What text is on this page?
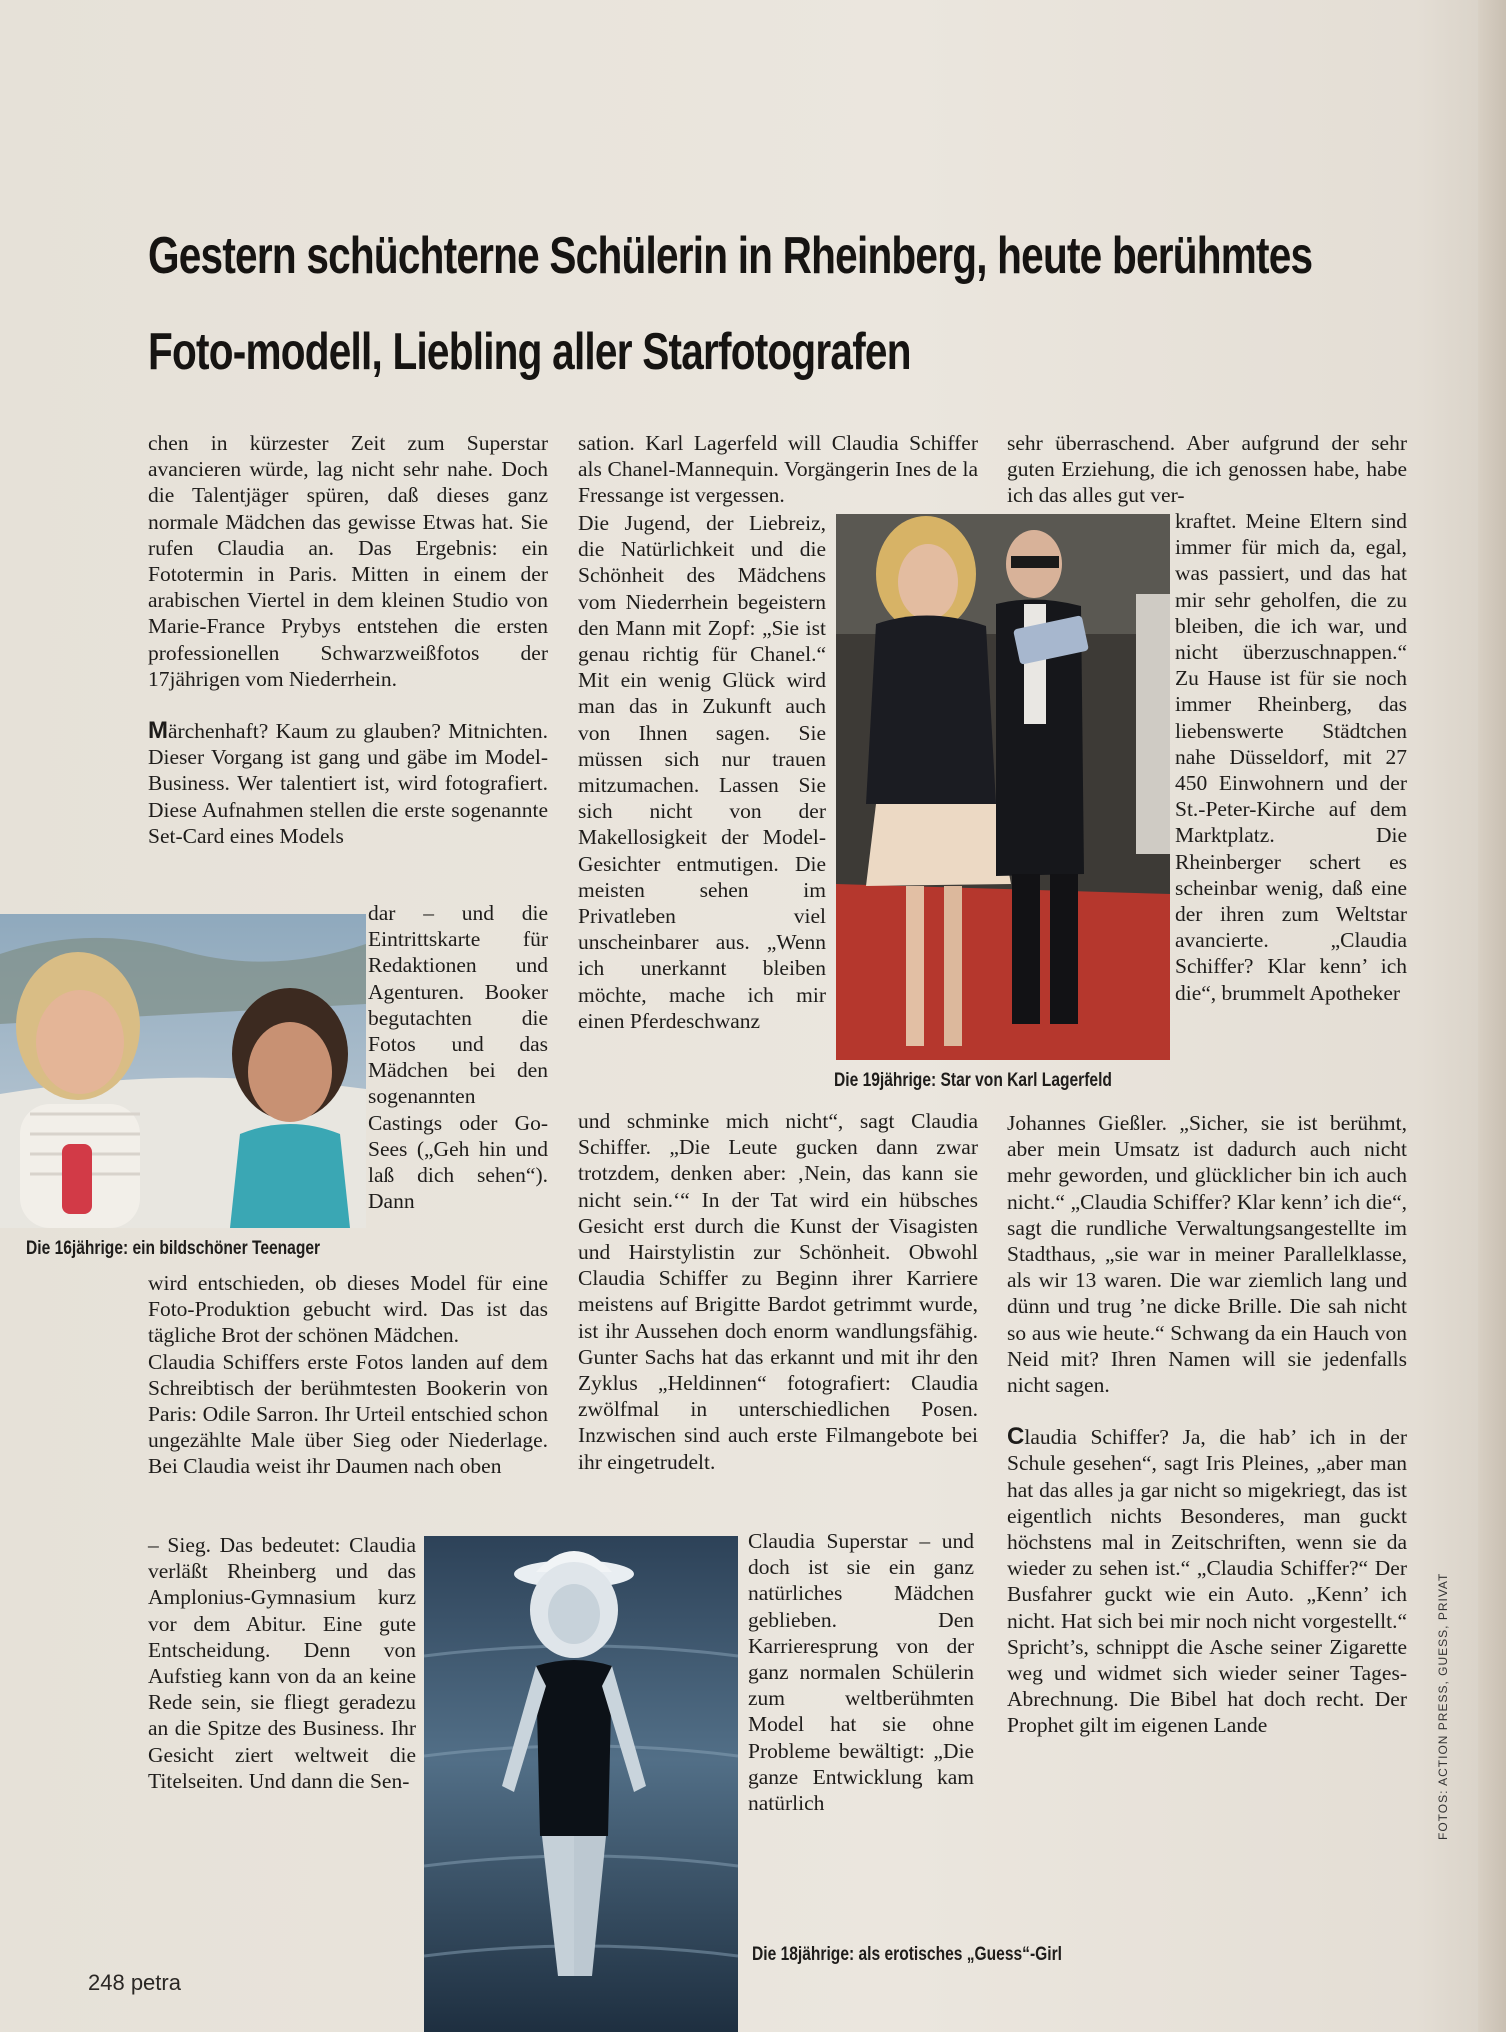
Gestern schüchterne Schülerin in Rheinberg, heute berühmtes Foto-modell, Liebling aller Starfotografen

chen in kürzester Zeit zum Superstar avancieren würde, lag nicht sehr nahe. Doch die Talentjäger spüren, daß dieses ganz normale Mädchen das gewisse Etwas hat. Sie rufen Claudia an. Das Ergebnis: ein Fototermin in Paris. Mitten in einem der arabischen Viertel in dem kleinen Studio von Marie-France Prybys entstehen die ersten professionellen Schwarzweißfotos der 17jährigen vom Niederrhein.

Märchenhaft? Kaum zu glauben? Mitnichten. Dieser Vorgang ist gang und gäbe im Model-Business. Wer talentiert ist, wird fotografiert. Diese Aufnahmen stellen die erste sogenannte Set-Card eines Models

dar – und die Eintrittskarte für Redaktionen und Agenturen. Booker begutachten die Fotos und das Mädchen bei den sogenannten Castings oder Go-Sees („Geh hin und laß dich sehen“). Dann

wird entschieden, ob dieses Model für eine Foto-Produktion gebucht wird. Das ist das tägliche Brot der schönen Mädchen.

Claudia Schiffers erste Fotos landen auf dem Schreibtisch der berühmtesten Bookerin von Paris: Odile Sarron. Ihr Urteil entschied schon ungezählte Male über Sieg oder Niederlage. Bei Claudia weist ihr Daumen nach oben

– Sieg. Das bedeutet: Claudia verläßt Rheinberg und das Amplonius-Gymnasium kurz vor dem Abitur. Eine gute Entscheidung. Denn von Aufstieg kann von da an keine Rede sein, sie fliegt geradezu an die Spitze des Business. Ihr Gesicht ziert weltweit die Titelseiten. Und dann die Sen-

sation. Karl Lagerfeld will Claudia Schiffer als Chanel-Mannequin. Vorgängerin Ines de la Fressange ist vergessen.

Die Jugend, der Liebreiz, die Natürlichkeit und die Schönheit des Mädchens vom Niederrhein begeistern den Mann mit Zopf: „Sie ist genau richtig für Chanel.“ Mit ein wenig Glück wird man das in Zukunft auch von Ihnen sagen. Sie müssen sich nur trauen mitzumachen. Lassen Sie sich nicht von der Makellosigkeit der Model-Gesichter entmutigen. Die meisten sehen im Privatleben viel unscheinbarer aus. „Wenn ich unerkannt bleiben möchte, mache ich mir einen Pferdeschwanz

und schminke mich nicht“, sagt Claudia Schiffer. „Die Leute gucken dann zwar trotzdem, denken aber: ‚Nein, das kann sie nicht sein.‘“ In der Tat wird ein hübsches Gesicht erst durch die Kunst der Visagisten und Hairstylistin zur Schönheit. Obwohl Claudia Schiffer zu Beginn ihrer Karriere meistens auf Brigitte Bardot getrimmt wurde, ist ihr Aussehen doch enorm wandlungsfähig. Gunter Sachs hat das erkannt und mit ihr den Zyklus „Heldinnen“ fotografiert: Claudia zwölfmal in unterschiedlichen Posen. Inzwischen sind auch erste Filmangebote bei ihr eingetrudelt.

Claudia Superstar – und doch ist sie ein ganz natürliches Mädchen geblieben. Den Karrieresprung von der ganz normalen Schülerin zum weltberühmten Model hat sie ohne Probleme bewältigt: „Die ganze Entwicklung kam natürlich

sehr überraschend. Aber aufgrund der sehr guten Erziehung, die ich genossen habe, habe ich das alles gut ver-

kraftet. Meine Eltern sind immer für mich da, egal, was passiert, und das hat mir sehr geholfen, die zu bleiben, die ich war, und nicht überzuschnappen.“ Zu Hause ist für sie noch immer Rheinberg, das liebenswerte Städtchen nahe Düsseldorf, mit 27 450 Einwohnern und der St.-Peter-Kirche auf dem Marktplatz. Die Rheinberger schert es scheinbar wenig, daß eine der ihren zum Weltstar avancierte. „Claudia Schiffer? Klar kenn’ ich die“, brummelt Apotheker

Johannes Gießler. „Sicher, sie ist berühmt, aber mein Umsatz ist dadurch auch nicht mehr geworden, und glücklicher bin ich auch nicht.“ „Claudia Schiffer? Klar kenn’ ich die“, sagt die rundliche Verwaltungsangestellte im Stadthaus, „sie war in meiner Parallelklasse, als wir 13 waren. Die war ziemlich lang und dünn und trug ’ne dicke Brille. Die sah nicht so aus wie heute.“ Schwang da ein Hauch von Neid mit? Ihren Namen will sie jedenfalls nicht sagen.

Claudia Schiffer? Ja, die hab’ ich in der Schule gesehen“, sagt Iris Pleines, „aber man hat das alles ja gar nicht so migekriegt, das ist eigentlich nichts Besonderes, man guckt höchstens mal in Zeitschriften, wenn sie da wieder zu sehen ist.“ „Claudia Schiffer?“ Der Busfahrer guckt wie ein Auto. „Kenn’ ich nicht. Hat sich bei mir noch nicht vorgestellt.“ Spricht’s, schnippt die Asche seiner Zigarette weg und widmet sich wieder seiner Tages-Abrechnung. Die Bibel hat doch recht. Der Prophet gilt im eigenen Lande

Die 16jährige: ein bildschöner Teenager
Die 19jährige: Star von Karl Lagerfeld
Die 18jährige: als erotisches „Guess“-Girl
248 petra
FOTOS: ACTION PRESS, GUESS, PRIVAT
